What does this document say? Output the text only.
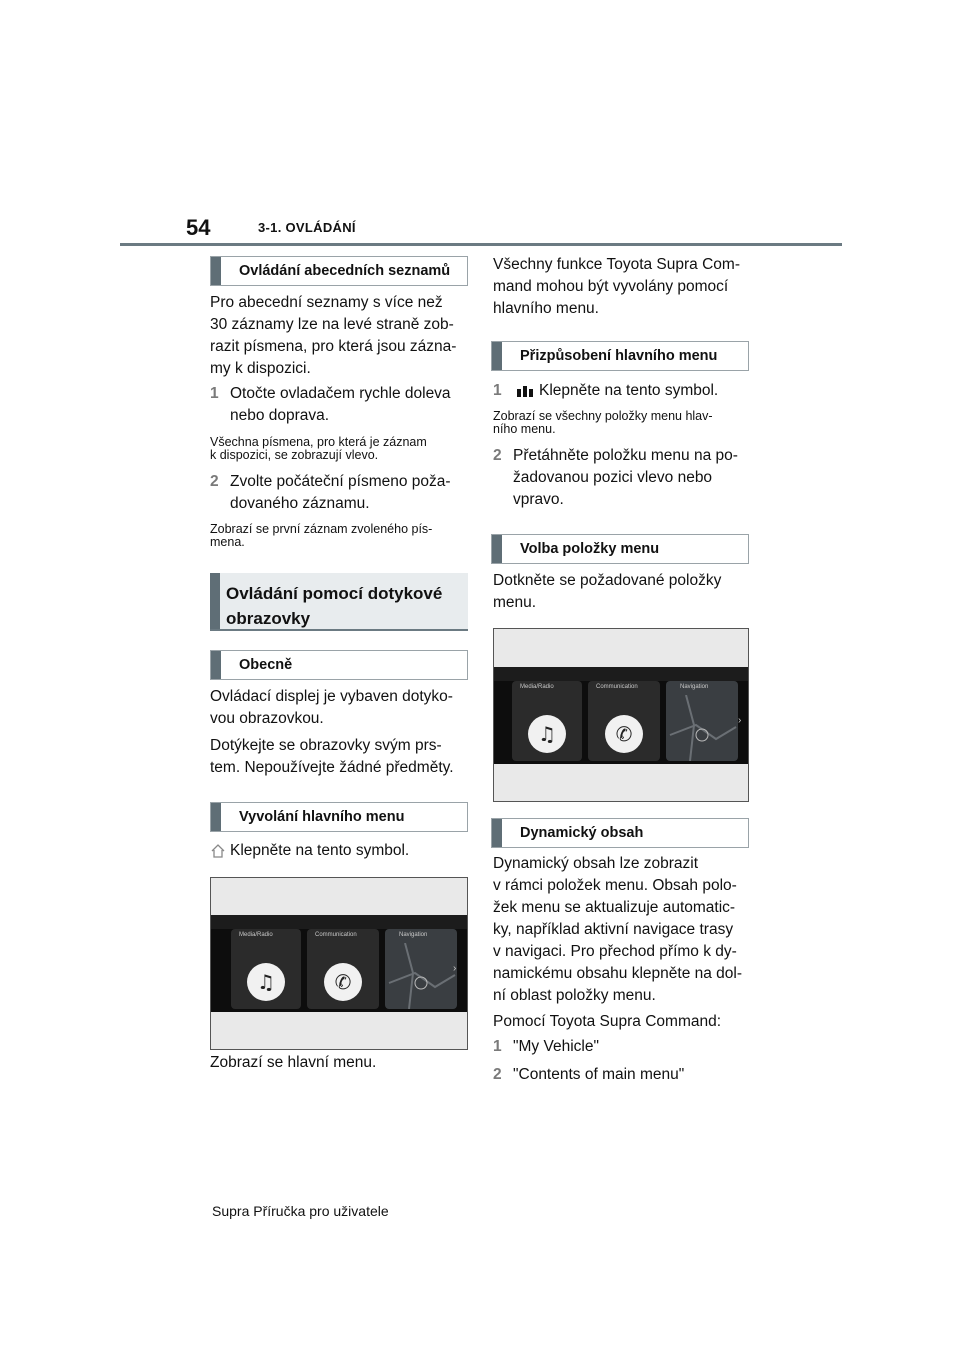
54	3-1. OVLÁDÁNÍ
Ovládání abecedních seznamů
Pro abecední seznamy s více než
30 záznamy lze na levé straně zob-
razit písmena, pro která jsou zázna-
my k dispozici.
1 Otočte ovladačem rychle doleva
nebo doprava.
Všechna písmena, pro která je záznam
k dispozici, se zobrazují vlevo.
2 Zvolte počáteční písmeno poža-
dovaného záznamu.
Zobrazí se první záznam zvoleného pís-
mena.
Ovládání pomocí dotykové
obrazovky
Obecně
Ovládací displej je vybaven dotyko-
vou obrazovkou.
Dotýkejte se obrazovky svým prs-
tem. Nepoužívejte žádné předměty.
Vyvolání hlavního menu
Klepněte na tento symbol.
Media/Radio
♫
Communication
✆
Navigation
›
Zobrazí se hlavní menu.
Všechny funkce Toyota Supra Com-
mand mohou být vyvolány pomocí
hlavního menu.
Přizpůsobení hlavního menu
1 Klepněte na tento symbol.
Zobrazí se všechny položky menu hlav-
ního menu.
2 Přetáhněte položku menu na po-
žadovanou pozici vlevo nebo
vpravo.
Volba položky menu
Dotkněte se požadované položky
menu.
Media/Radio
♫
Communication
✆
Navigation
›
Dynamický obsah
Dynamický obsah lze zobrazit
v rámci položek menu. Obsah polo-
žek menu se aktualizuje automatic-
ky, například aktivní navigace trasy
v navigaci. Pro přechod přímo k dy-
namickému obsahu klepněte na dol-
ní oblast položky menu.
Pomocí Toyota Supra Command:
1 "My Vehicle"
2 "Contents of main menu"
Supra Příručka pro uživatele
